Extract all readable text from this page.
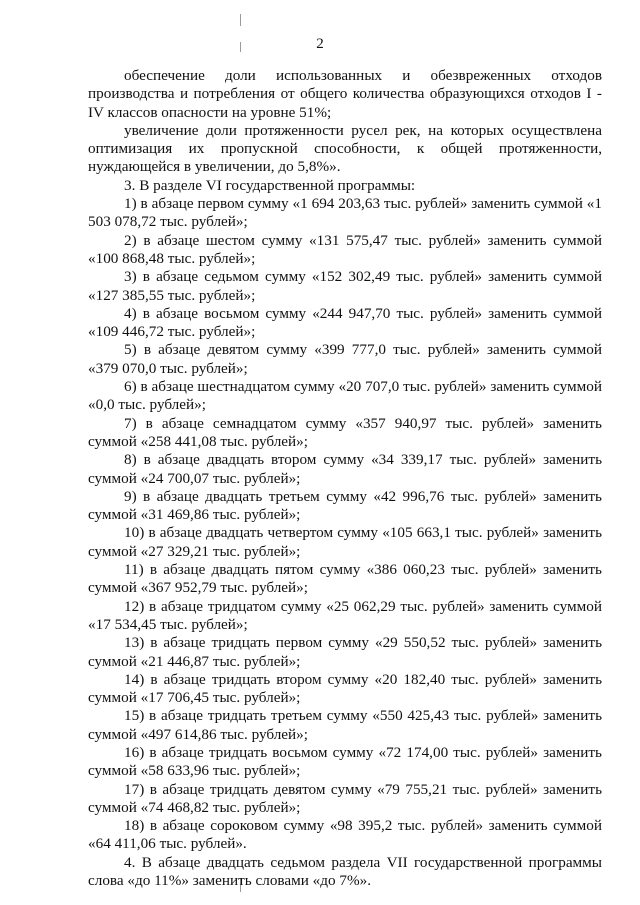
2

обеспечение доли использованных и обезвреженных отходов производства и потребления от общего количества образующихся отходов I - IV классов опасности на уровне 51%;

увеличение доли протяженности русел рек, на которых осуществлена оптимизация их пропускной способности, к общей протяженности, нуждающейся в увеличении, до 5,8%».

3. В разделе VI государственной программы:

1) в абзаце первом сумму «1 694 203,63 тыс. рублей» заменить суммой «1 503 078,72 тыс. рублей»;

2) в абзаце шестом сумму «131 575,47 тыс. рублей» заменить суммой «100 868,48 тыс. рублей»;

3) в абзаце седьмом сумму «152 302,49 тыс. рублей» заменить суммой «127 385,55 тыс. рублей»;

4) в абзаце восьмом сумму «244 947,70 тыс. рублей» заменить суммой «109 446,72 тыс. рублей»;

5) в абзаце девятом сумму «399 777,0 тыс. рублей» заменить суммой «379 070,0 тыс. рублей»;

6) в абзаце шестнадцатом сумму «20 707,0 тыс. рублей» заменить суммой «0,0 тыс. рублей»;

7) в абзаце семнадцатом сумму «357 940,97 тыс. рублей» заменить суммой «258 441,08 тыс. рублей»;

8) в абзаце двадцать втором сумму «34 339,17 тыс. рублей» заменить суммой «24 700,07 тыс. рублей»;

9) в абзаце двадцать третьем сумму «42 996,76 тыс. рублей» заменить суммой «31 469,86 тыс. рублей»;

10) в абзаце двадцать четвертом сумму «105 663,1 тыс. рублей» заменить суммой «27 329,21 тыс. рублей»;

11) в абзаце двадцать пятом сумму «386 060,23 тыс. рублей» заменить суммой «367 952,79 тыс. рублей»;

12) в абзаце тридцатом сумму «25 062,29 тыс. рублей» заменить суммой «17 534,45 тыс. рублей»;

13) в абзаце тридцать первом сумму «29 550,52 тыс. рублей» заменить суммой «21 446,87 тыс. рублей»;

14) в абзаце тридцать втором сумму «20 182,40 тыс. рублей» заменить суммой «17 706,45 тыс. рублей»;

15) в абзаце тридцать третьем сумму «550 425,43 тыс. рублей» заменить суммой «497 614,86 тыс. рублей»;

16) в абзаце тридцать восьмом сумму «72 174,00 тыс. рублей» заменить суммой «58 633,96 тыс. рублей»;

17) в абзаце тридцать девятом сумму «79 755,21 тыс. рублей» заменить суммой «74 468,82 тыс. рублей»;

18) в абзаце сороковом сумму «98 395,2 тыс. рублей» заменить суммой «64 411,06 тыс. рублей».

4. В абзаце двадцать седьмом раздела VII государственной программы слова «до 11%» заменить словами «до 7%».
